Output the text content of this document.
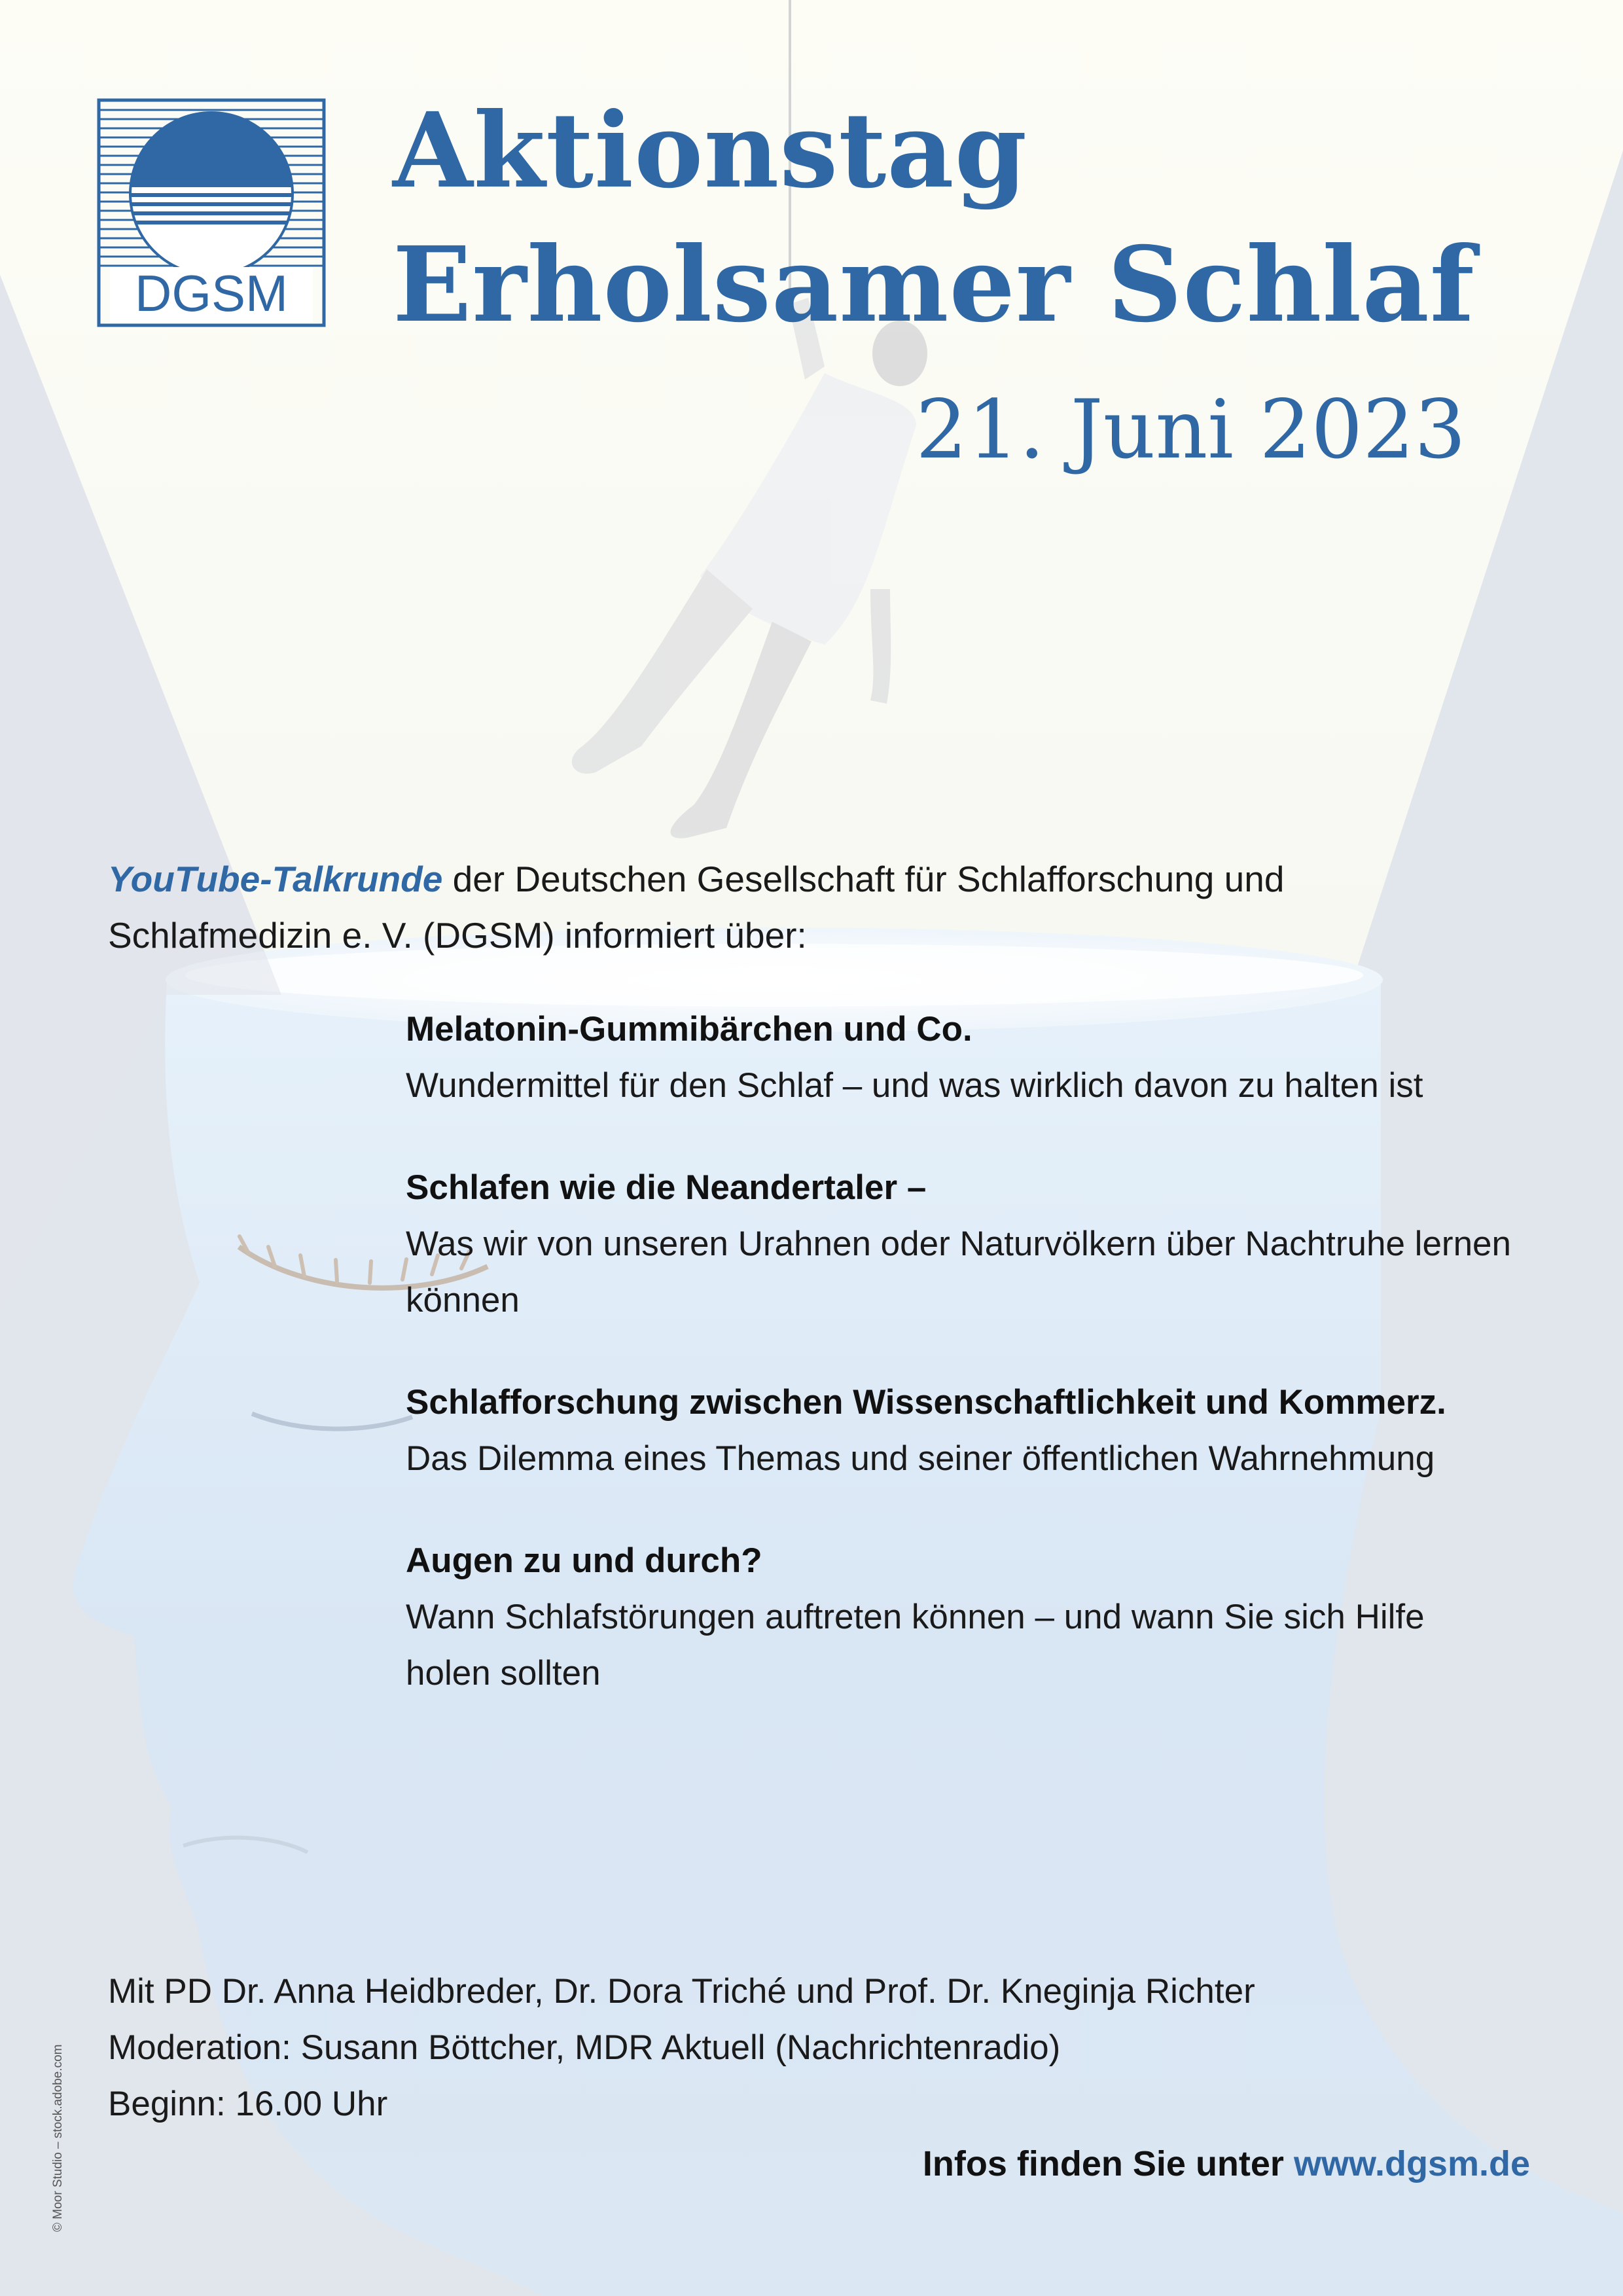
DGSM
Aktionstag
Erholsamer Schlaf
21. Juni 2023

YouTube-Talkrunde der Deutschen Gesellschaft für Schlafforschung und Schlafmedizin e. V. (DGSM) informiert über:

Melatonin-Gummibärchen und Co.
Wundermittel für den Schlaf – und was wirklich davon zu halten ist
Schlafen wie die Neandertaler –
Was wir von unseren Urahnen oder Naturvölkern über Nachtruhe lernen können
Schlafforschung zwischen Wissenschaftlichkeit und Kommerz.
Das Dilemma eines Themas und seiner öffentlichen Wahrnehmung
Augen zu und durch?
Wann Schlafstörungen auftreten können – und wann Sie sich Hilfe holen sollten
Mit PD Dr. Anna Heidbreder, Dr. Dora Triché und Prof. Dr. Kneginja Richter
Moderation: Susann Böttcher, MDR Aktuell (Nachrichtenradio)
Beginn: 16.00 Uhr
Infos finden Sie unter www.dgsm.de
© Moor Studio – stock.adobe.com
